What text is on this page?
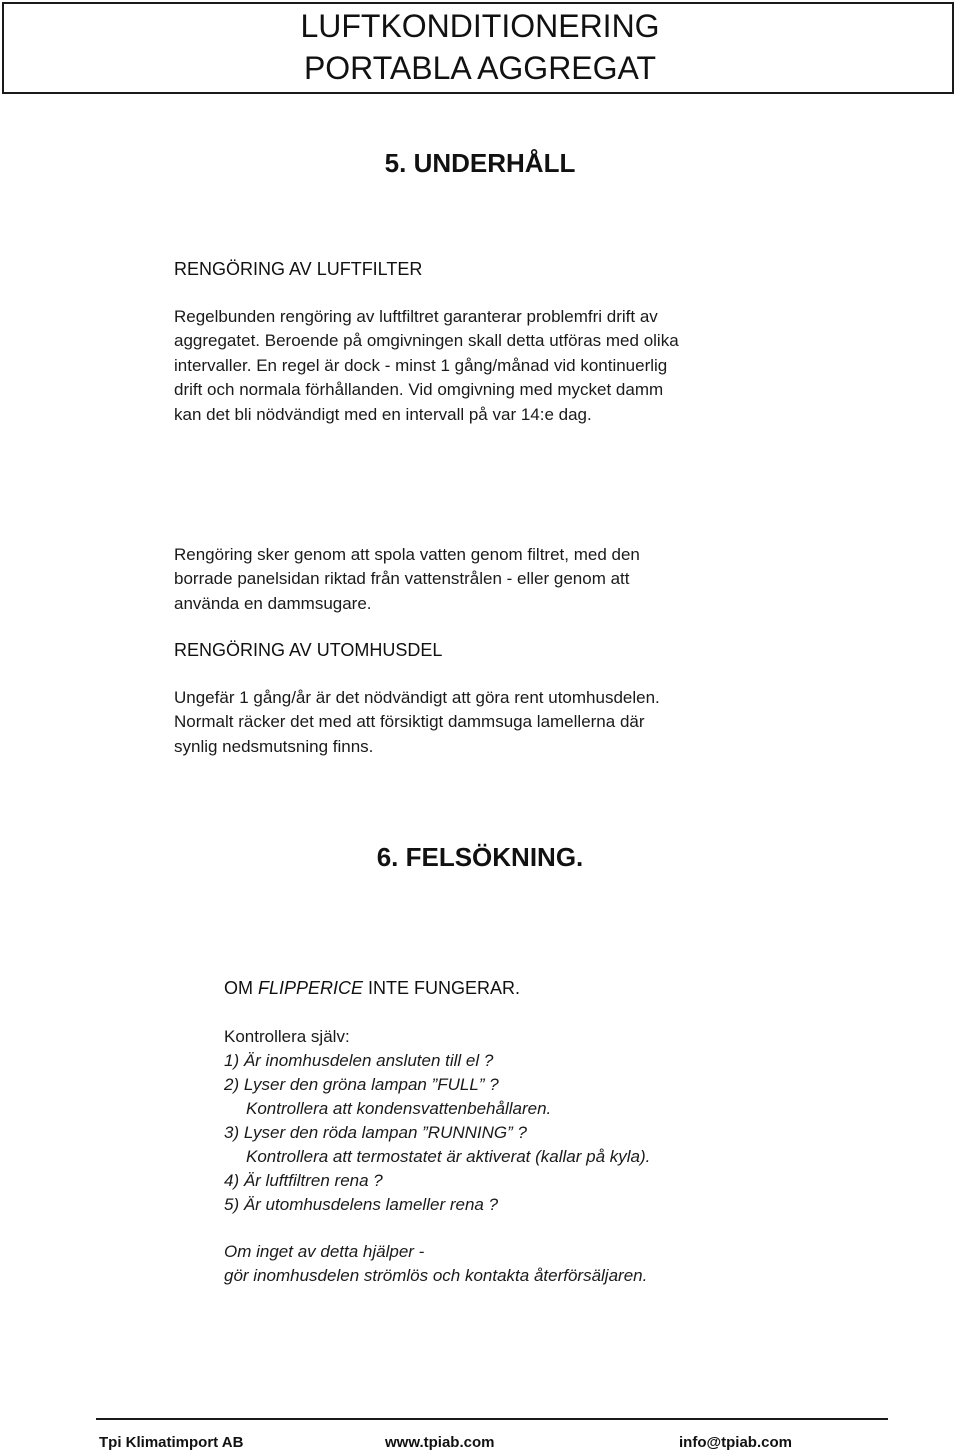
LUFTKONDITIONERING
PORTABLA AGGREGAT
5. UNDERHÅLL
RENGÖRING AV LUFTFILTER
Regelbunden rengöring av luftfiltret garanterar problemfri drift av
aggregatet. Beroende på omgivningen skall detta utföras med olika
intervaller. En regel är dock - minst 1 gång/månad vid kontinuerlig
drift och normala förhållanden. Vid omgivning med mycket damm
kan det bli nödvändigt med en intervall på var 14:e dag.
Rengöring sker genom att spola vatten genom filtret, med den
borrade panelsidan riktad från vattenstrålen - eller genom att
använda en dammsugare.
RENGÖRING AV UTOMHUSDEL
Ungefär 1 gång/år är det nödvändigt att göra rent utomhusdelen.
Normalt räcker det med att försiktigt dammsuga lamellerna där
synlig nedsmutsning finns.
6. FELSÖKNING.
OM FLIPPERICE INTE FUNGERAR.
Kontrollera själv:
1) Är inomhusdelen ansluten till el ?
2) Lyser den gröna lampan ”FULL” ?
Kontrollera att kondensvattenbehållaren.
3) Lyser den röda lampan ”RUNNING” ?
Kontrollera att termostatet är aktiverat (kallar på kyla).
4) Är luftfiltren rena ?
5) Är utomhusdelens lameller rena ?
Om inget av detta hjälper -
gör inomhusdelen strömlös och kontakta återförsäljaren.
Tpi Klimatimport AB	www.tpiab.com	info@tpiab.com
